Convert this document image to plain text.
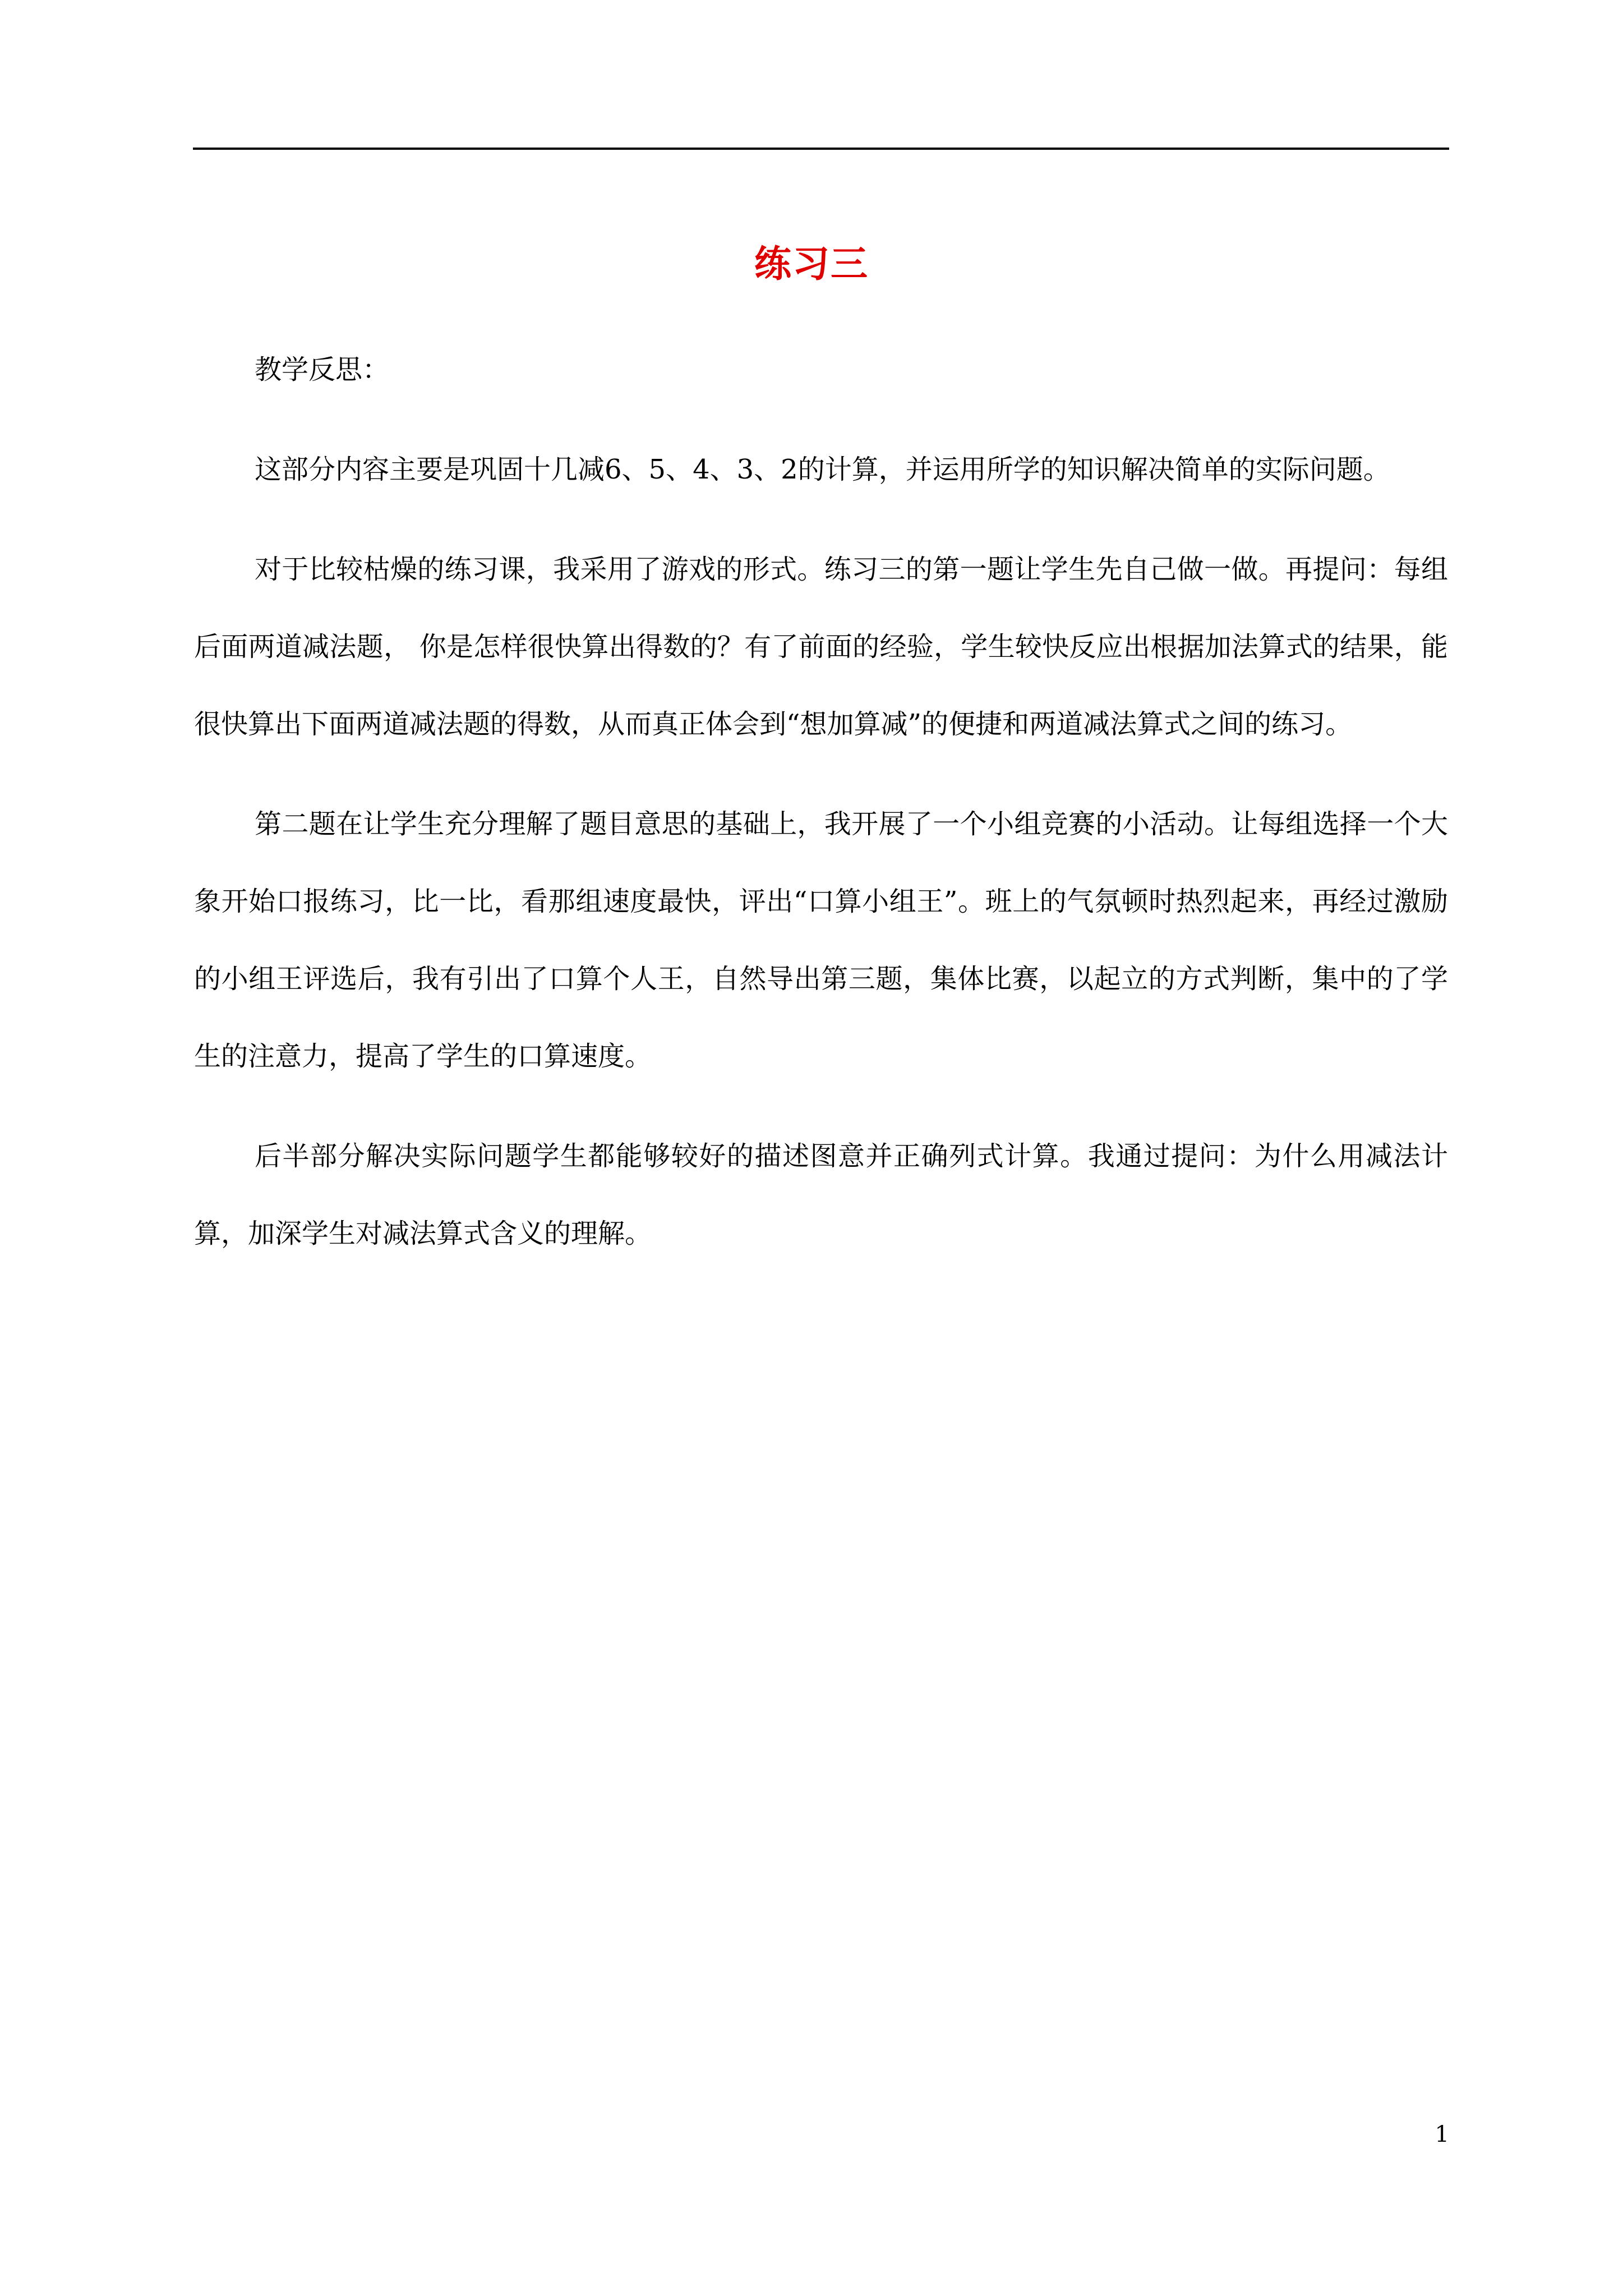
练习三

教学反思：

这部分内容主要是巩固十几减6、5、4、3、2的计算，并运用所学的知识解决简单的实际问题。

对于比较枯燥的练习课，我采用了游戏的形式。练习三的第一题让学生先自己做一做。再提问：每组后面两道减法题， 你是怎样很快算出得数的？有了前面的经验，学生较快反应出根据加法算式的结果，能很快算出下面两道减法题的得数，从而真正体会到“想加算减”的便捷和两道减法算式之间的练习。

第二题在让学生充分理解了题目意思的基础上，我开展了一个小组竞赛的小活动。让每组选择一个大象开始口报练习，比一比，看那组速度最快，评出“口算小组王”。班上的气氛顿时热烈起来，再经过激励的小组王评选后，我有引出了口算个人王，自然导出第三题，集体比赛，以起立的方式判断，集中的了学生的注意力，提高了学生的口算速度。

后半部分解决实际问题学生都能够较好的描述图意并正确列式计算。我通过提问：为什么用减法计算，加深学生对减法算式含义的理解。

1
